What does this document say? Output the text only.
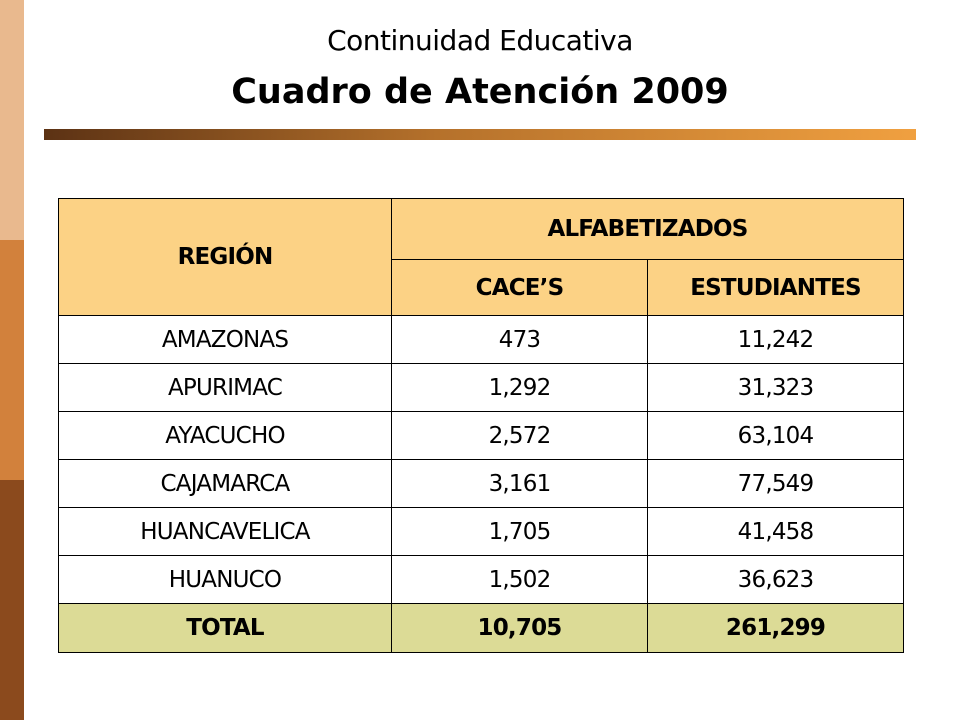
Continuidad Educativa
Cuadro de Atención 2009
REGIÓN	ALFABETIZADOS	
	CACE’S	ESTUDIANTES
AMAZONAS	473	11,242
APURIMAC	1,292	31,323
AYACUCHO	2,572	63,104
CAJAMARCA	3,161	77,549
HUANCAVELICA	1,705	41,458
HUANUCO	1,502	36,623
TOTAL	10,705	261,299
